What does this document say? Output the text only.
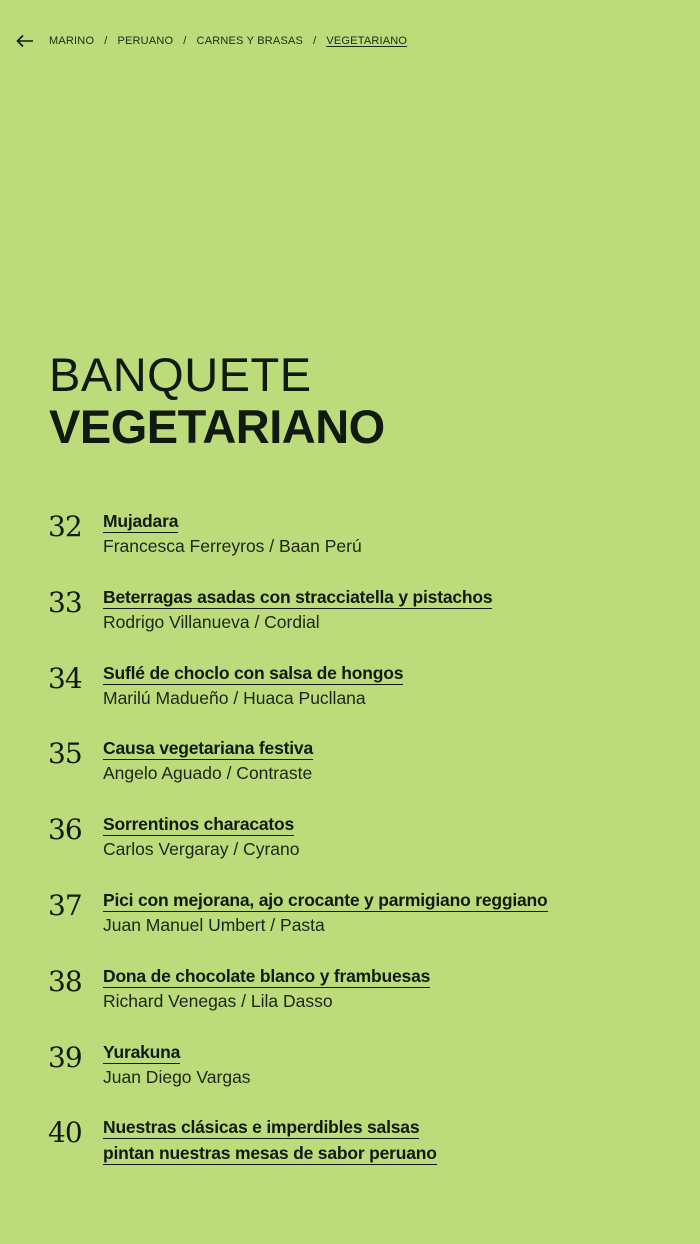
MARINO / PERUANO / CARNES Y BRASAS / VEGETARIANO
BANQUETE
VEGETARIANO
32 Mujadara
Francesca Ferreyros / Baan Perú
33 Beterragas asadas con stracciatella y pistachos
Rodrigo Villanueva / Cordial
34 Suflé de choclo con salsa de hongos
Marilú Madueño / Huaca Pucllana
35 Causa vegetariana festiva
Angelo Aguado / Contraste
36 Sorrentinos characatos
Carlos Vergaray / Cyrano
37 Pici con mejorana, ajo crocante y parmigiano reggiano
Juan Manuel Umbert / Pasta
38 Dona de chocolate blanco y frambuesas
Richard Venegas / Lila Dasso
39 Yurakuna
Juan Diego Vargas
40 Nuestras clásicas e imperdibles salsas
pintan nuestras mesas de sabor peruano
